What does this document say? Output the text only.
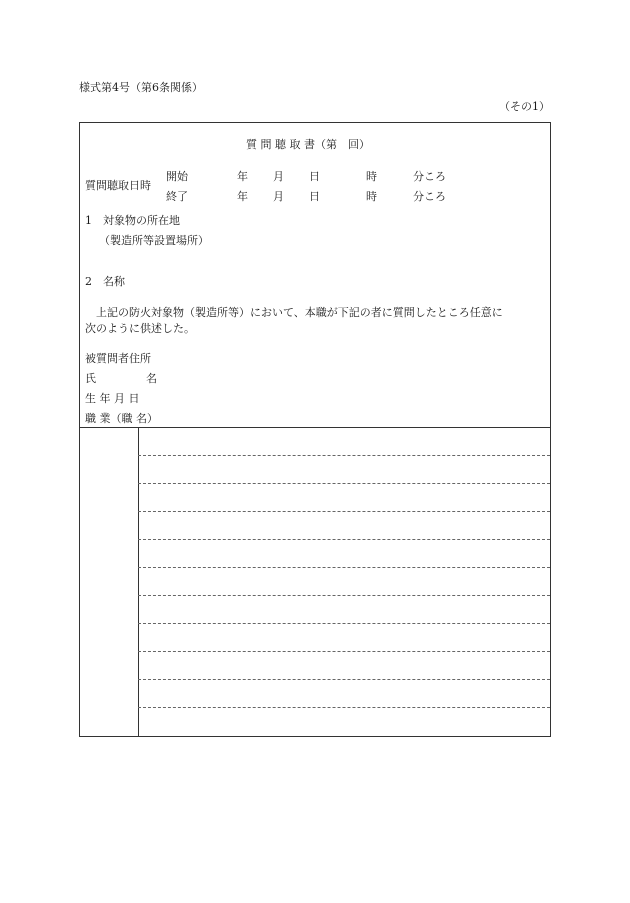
様式第4号（第6条関係）
（その1）
質 問 聴 取 書（第　回）
質問聴取日時
開始	年 月 日	時	分ころ
終了	年 月 日	時	分ころ
1　対象物の所在地
（製造所等設置場所）
2　名称
上記の防火対象物（製造所等）において、本職が下記の者に質問したところ任意に
次のように供述した。
被質問者住所
氏	名
生 年 月 日
職 業（職 名）
